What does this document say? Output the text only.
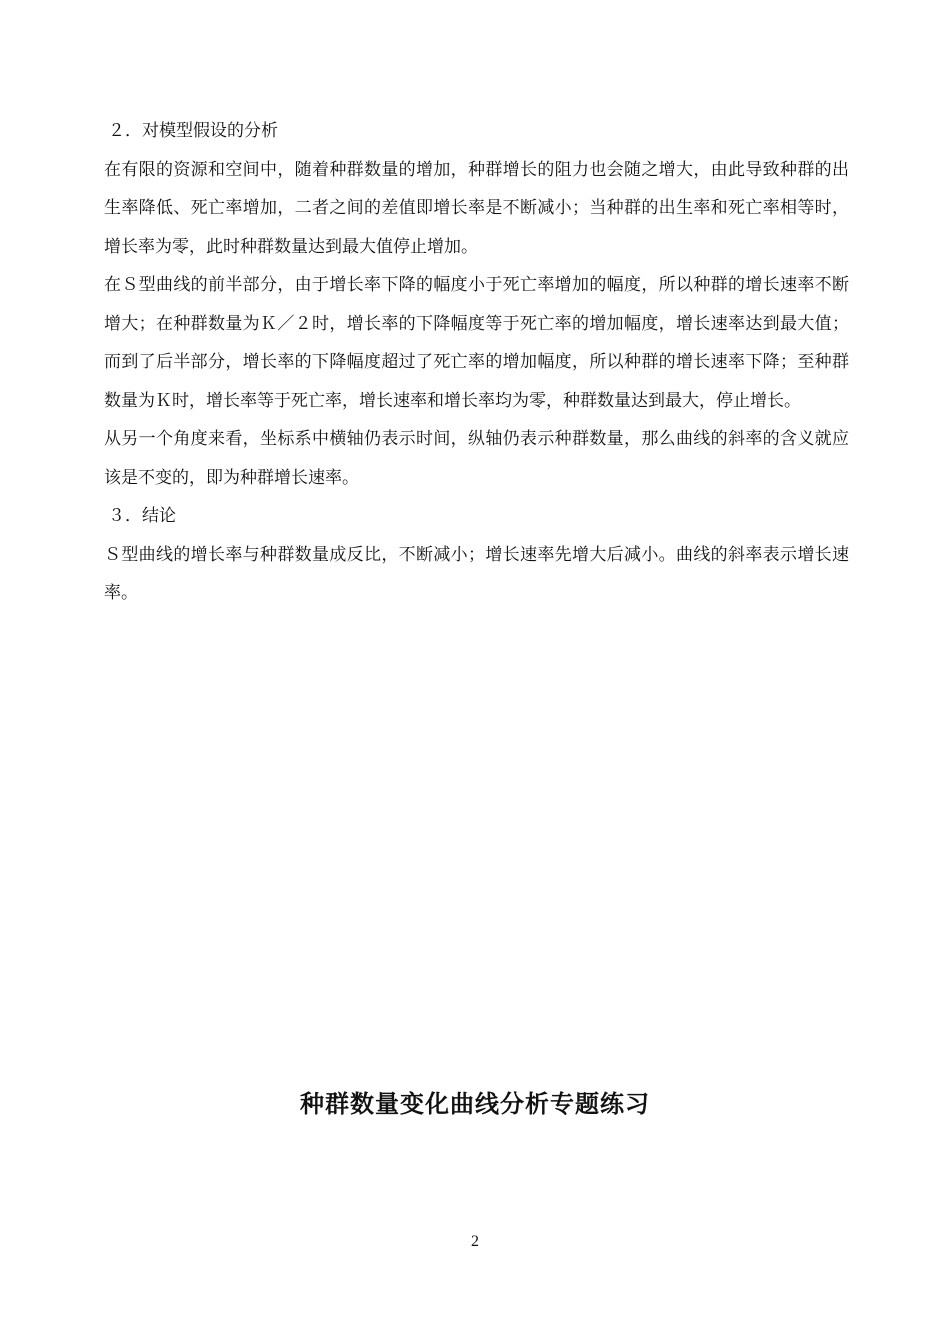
２．对模型假设的分析

在有限的资源和空间中，随着种群数量的增加，种群增长的阻力也会随之增大，由此导致种群的出生率降低、死亡率增加，二者之间的差值即增长率是不断减小；当种群的出生率和死亡率相等时，增长率为零，此时种群数量达到最大值停止增加。

在Ｓ型曲线的前半部分，由于增长率下降的幅度小于死亡率增加的幅度，所以种群的增长速率不断增大；在种群数量为Ｋ／２时，增长率的下降幅度等于死亡率的增加幅度，增长速率达到最大值；而到了后半部分，增长率的下降幅度超过了死亡率的增加幅度，所以种群的增长速率下降；至种群数量为Ｋ时，增长率等于死亡率，增长速率和增长率均为零，种群数量达到最大，停止增长。

从另一个角度来看，坐标系中横轴仍表示时间，纵轴仍表示种群数量，那么曲线的斜率的含义就应该是不变的，即为种群增长速率。

３．结论

Ｓ型曲线的增长率与种群数量成反比，不断减小；增长速率先增大后减小。曲线的斜率表示增长速率。

种群数量变化曲线分析专题练习
2
